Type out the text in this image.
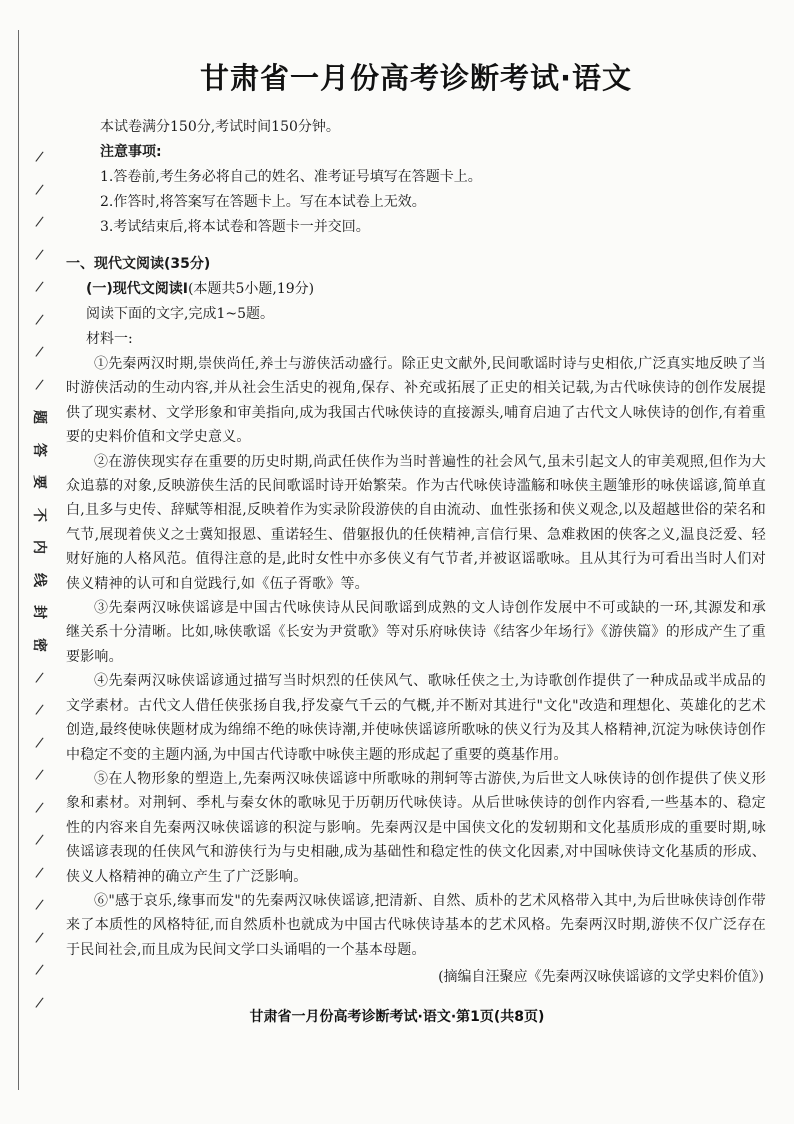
/
/
/
/
/
/
/
/
题
答
要
不
内
线
封
密
/
/
/
/
/
/
/
/
/
/
/
甘肃省一月份高考诊断考试·语文
本试卷满分150分,考试时间150分钟。
注意事项:
1.答卷前,考生务必将自己的姓名、准考证号填写在答题卡上。
2.作答时,将答案写在答题卡上。写在本试卷上无效。
3.考试结束后,将本试卷和答题卡一并交回。
一、现代文阅读(35分)
(一)现代文阅读Ⅰ(本题共5小题,19分)
阅读下面的文字,完成1~5题。
材料一:

①先秦两汉时期,崇侠尚任,养士与游侠活动盛行。除正史文献外,民间歌谣时诗与史相依,广泛真实地反映了当时游侠活动的生动内容,并从社会生活史的视角,保存、补充或拓展了正史的相关记载,为古代咏侠诗的创作发展提供了现实素材、文学形象和审美指向,成为我国古代咏侠诗的直接源头,哺育启迪了古代文人咏侠诗的创作,有着重要的史料价值和文学史意义。

②在游侠现实存在重要的历史时期,尚武任侠作为当时普遍性的社会风气,虽未引起文人的审美观照,但作为大众追慕的对象,反映游侠生活的民间歌谣时诗开始繁荣。作为古代咏侠诗滥觞和咏侠主题雏形的咏侠谣谚,简单直白,且多与史传、辞赋等相混,反映着作为实录阶段游侠的自由流动、血性张扬和侠义观念,以及超越世俗的荣名和气节,展现着侠义之士冀知报恩、重诺轻生、借躯报仇的任侠精神,言信行果、急难救困的侠客之义,温良泛爱、轻财好施的人格风范。值得注意的是,此时女性中亦多侠义有气节者,并被讴谣歌咏。且从其行为可看出当时人们对侠义精神的认可和自觉践行,如《伍子胥歌》等。

③先秦两汉咏侠谣谚是中国古代咏侠诗从民间歌谣到成熟的文人诗创作发展中不可或缺的一环,其源发和承继关系十分清晰。比如,咏侠歌谣《长安为尹赏歌》等对乐府咏侠诗《结客少年场行》《游侠篇》的形成产生了重要影响。

④先秦两汉咏侠谣谚通过描写当时炽烈的任侠风气、歌咏任侠之士,为诗歌创作提供了一种成品或半成品的文学素材。古代文人借任侠张扬自我,抒发豪气千云的气概,并不断对其进行"文化"改造和理想化、英雄化的艺术创造,最终使咏侠题材成为绵绵不绝的咏侠诗潮,并使咏侠谣谚所歌咏的侠义行为及其人格精神,沉淀为咏侠诗创作中稳定不变的主题内涵,为中国古代诗歌中咏侠主题的形成起了重要的奠基作用。

⑤在人物形象的塑造上,先秦两汉咏侠谣谚中所歌咏的荆轲等古游侠,为后世文人咏侠诗的创作提供了侠义形象和素材。对荆轲、季札与秦女休的歌咏见于历朝历代咏侠诗。从后世咏侠诗的创作内容看,一些基本的、稳定性的内容来自先秦两汉咏侠谣谚的积淀与影响。先秦两汉是中国侠文化的发轫期和文化基质形成的重要时期,咏侠谣谚表现的任侠风气和游侠行为与史相融,成为基础性和稳定性的侠文化因素,对中国咏侠诗文化基质的形成、侠义人格精神的确立产生了广泛影响。

⑥"感于哀乐,缘事而发"的先秦两汉咏侠谣谚,把清新、自然、质朴的艺术风格带入其中,为后世咏侠诗创作带来了本质性的风格特征,而自然质朴也就成为中国古代咏侠诗基本的艺术风格。先秦两汉时期,游侠不仅广泛存在于民间社会,而且成为民间文学口头诵唱的一个基本母题。

(摘编自汪聚应《先秦两汉咏侠谣谚的文学史料价值》)
甘肃省一月份高考诊断考试·语文·第1页(共8页)
